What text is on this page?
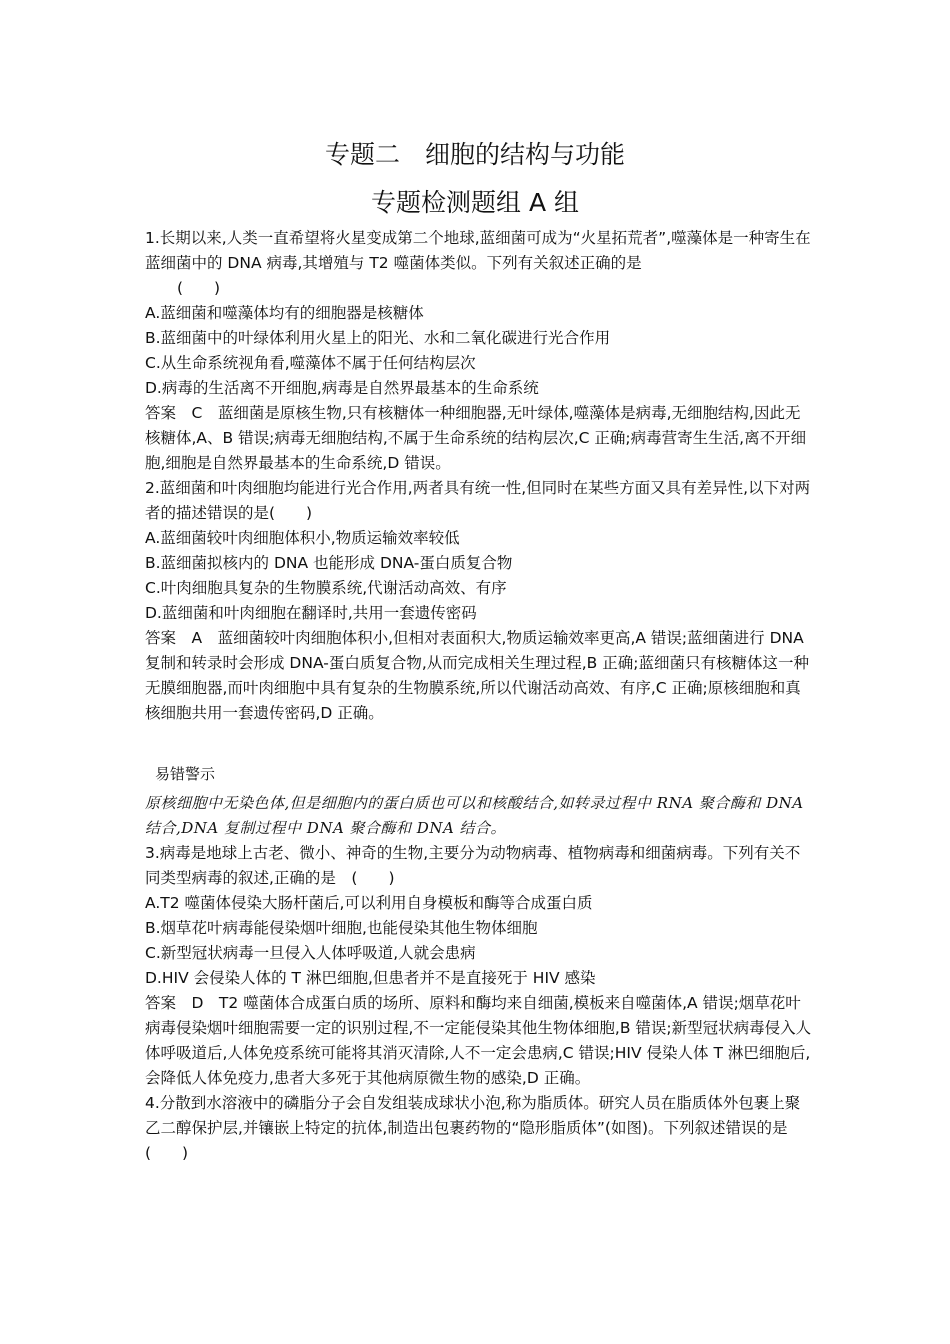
专题二　细胞的结构与功能
专题检测题组 A 组

1.长期以来,人类一直希望将火星变成第二个地球,蓝细菌可成为“火星拓荒者”,噬藻体是一种寄生在蓝细菌中的 DNA 病毒,其增殖与 T2 噬菌体类似。下列有关叙述正确的是

(　　)

A.蓝细菌和噬藻体均有的细胞器是核糖体

B.蓝细菌中的叶绿体利用火星上的阳光、水和二氧化碳进行光合作用

C.从生命系统视角看,噬藻体不属于任何结构层次

D.病毒的生活离不开细胞,病毒是自然界最基本的生命系统

答案　C　蓝细菌是原核生物,只有核糖体一种细胞器,无叶绿体,噬藻体是病毒,无细胞结构,因此无核糖体,A、B 错误;病毒无细胞结构,不属于生命系统的结构层次,C 正确;病毒营寄生生活,离不开细胞,细胞是自然界最基本的生命系统,D 错误。

2.蓝细菌和叶肉细胞均能进行光合作用,两者具有统一性,但同时在某些方面又具有差异性,以下对两者的描述错误的是(　　)

A.蓝细菌较叶肉细胞体积小,物质运输效率较低

B.蓝细菌拟核内的 DNA 也能形成 DNA-蛋白质复合物

C.叶肉细胞具复杂的生物膜系统,代谢活动高效、有序

D.蓝细菌和叶肉细胞在翻译时,共用一套遗传密码

答案　A　蓝细菌较叶肉细胞体积小,但相对表面积大,物质运输效率更高,A 错误;蓝细菌进行 DNA 复制和转录时会形成 DNA-蛋白质复合物,从而完成相关生理过程,B 正确;蓝细菌只有核糖体这一种无膜细胞器,而叶肉细胞中具有复杂的生物膜系统,所以代谢活动高效、有序,C 正确;原核细胞和真核细胞共用一套遗传密码,D 正确。

易错警示

原核细胞中无染色体,但是细胞内的蛋白质也可以和核酸结合,如转录过程中 RNA 聚合酶和 DNA 结合,DNA 复制过程中 DNA 聚合酶和 DNA 结合。

3.病毒是地球上古老、微小、神奇的生物,主要分为动物病毒、植物病毒和细菌病毒。下列有关不同类型病毒的叙述,正确的是　(　　)

A.T2 噬菌体侵染大肠杆菌后,可以利用自身模板和酶等合成蛋白质

B.烟草花叶病毒能侵染烟叶细胞,也能侵染其他生物体细胞

C.新型冠状病毒一旦侵入人体呼吸道,人就会患病

D.HIV 会侵染人体的 T 淋巴细胞,但患者并不是直接死于 HIV 感染

答案　D　T2 噬菌体合成蛋白质的场所、原料和酶均来自细菌,模板来自噬菌体,A 错误;烟草花叶病毒侵染烟叶细胞需要一定的识别过程,不一定能侵染其他生物体细胞,B 错误;新型冠状病毒侵入人体呼吸道后,人体免疫系统可能将其消灭清除,人不一定会患病,C 错误;HIV 侵染人体 T 淋巴细胞后,会降低人体免疫力,患者大多死于其他病原微生物的感染,D 正确。

4.分散到水溶液中的磷脂分子会自发组装成球状小泡,称为脂质体。研究人员在脂质体外包裹上聚乙二醇保护层,并镶嵌上特定的抗体,制造出包裹药物的“隐形脂质体”(如图)。下列叙述错误的是　(　　)
